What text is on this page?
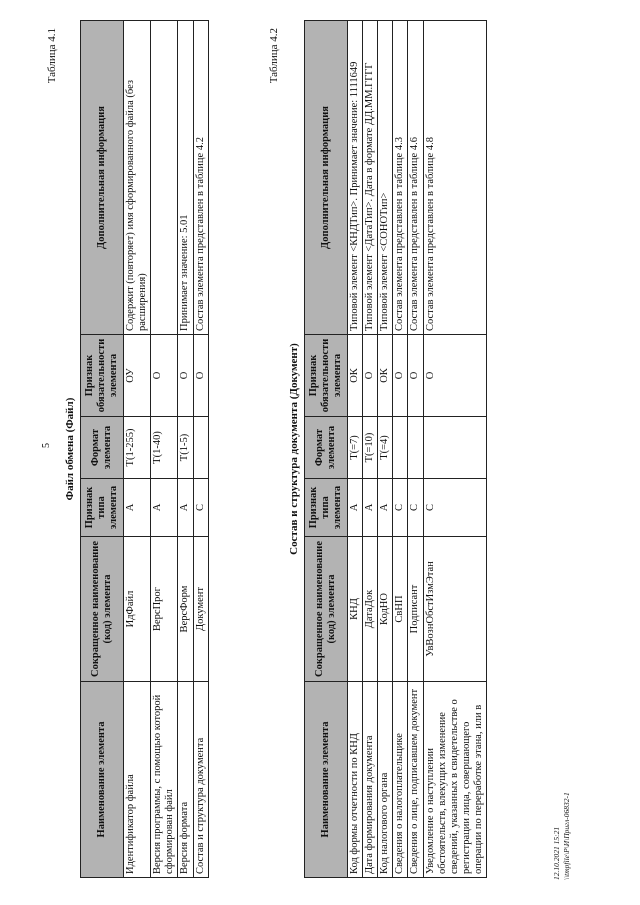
5
Таблица 4.1
Файл обмена (Файл)
Наименование элемента	Сокращенное наименование (код) элемента	Признак типа элемента	Формат элемента	Признак обязательности элемента	Дополнительная информация
Идентификатор файла	ИдФайл	А	T(1-255)	ОУ	Содержит (повторяет) имя сформированного файла (без расширения)
Версия программы, с помощью которой сформирован файл	ВерсПрог	А	T(1-40)	О	
Версия формата	ВерсФорм	А	T(1-5)	О	Принимает значение: 5.01
Состав и структура документа	Документ	С		О	Состав элемента представлен в таблице 4.2
Таблица 4.2
Состав и структура документа (Документ)
Наименование элемента	Сокращенное наименование (код) элемента	Признак типа элемента	Формат элемента	Признак обязательности элемента	Дополнительная информация
Код формы отчетности по КНД	КНД	А	T(=7)	ОК	Типовой элемент <КНДТип>. Принимает значение: 1111649
Дата формирования документа	ДатаДок	А	T(=10)	О	Типовой элемент <ДатаТип>. Дата в формате ДД.ММ.ГГГГ
Код налогового органа	КодНО	А	T(=4)	ОК	Типовой элемент <СОНОТип>
Сведения о налогоплательщике	СвНП	С		О	Состав элемента представлен в таблице 4.3
Сведения о лице, подписавшем документ	Подписант	С		О	Состав элемента представлен в таблице 4.6
Уведомление о наступлении обстоятельств, влекущих изменение сведений, указанных в свидетельстве о регистрации лица, совершающего операции по переработке этана, или в	УвВознОбстИзмЭтан	С		О	Состав элемента представлен в таблице 4.8
12.10.2021 15:21 \\tmpfile\Р\И\Пригл-06832-1
